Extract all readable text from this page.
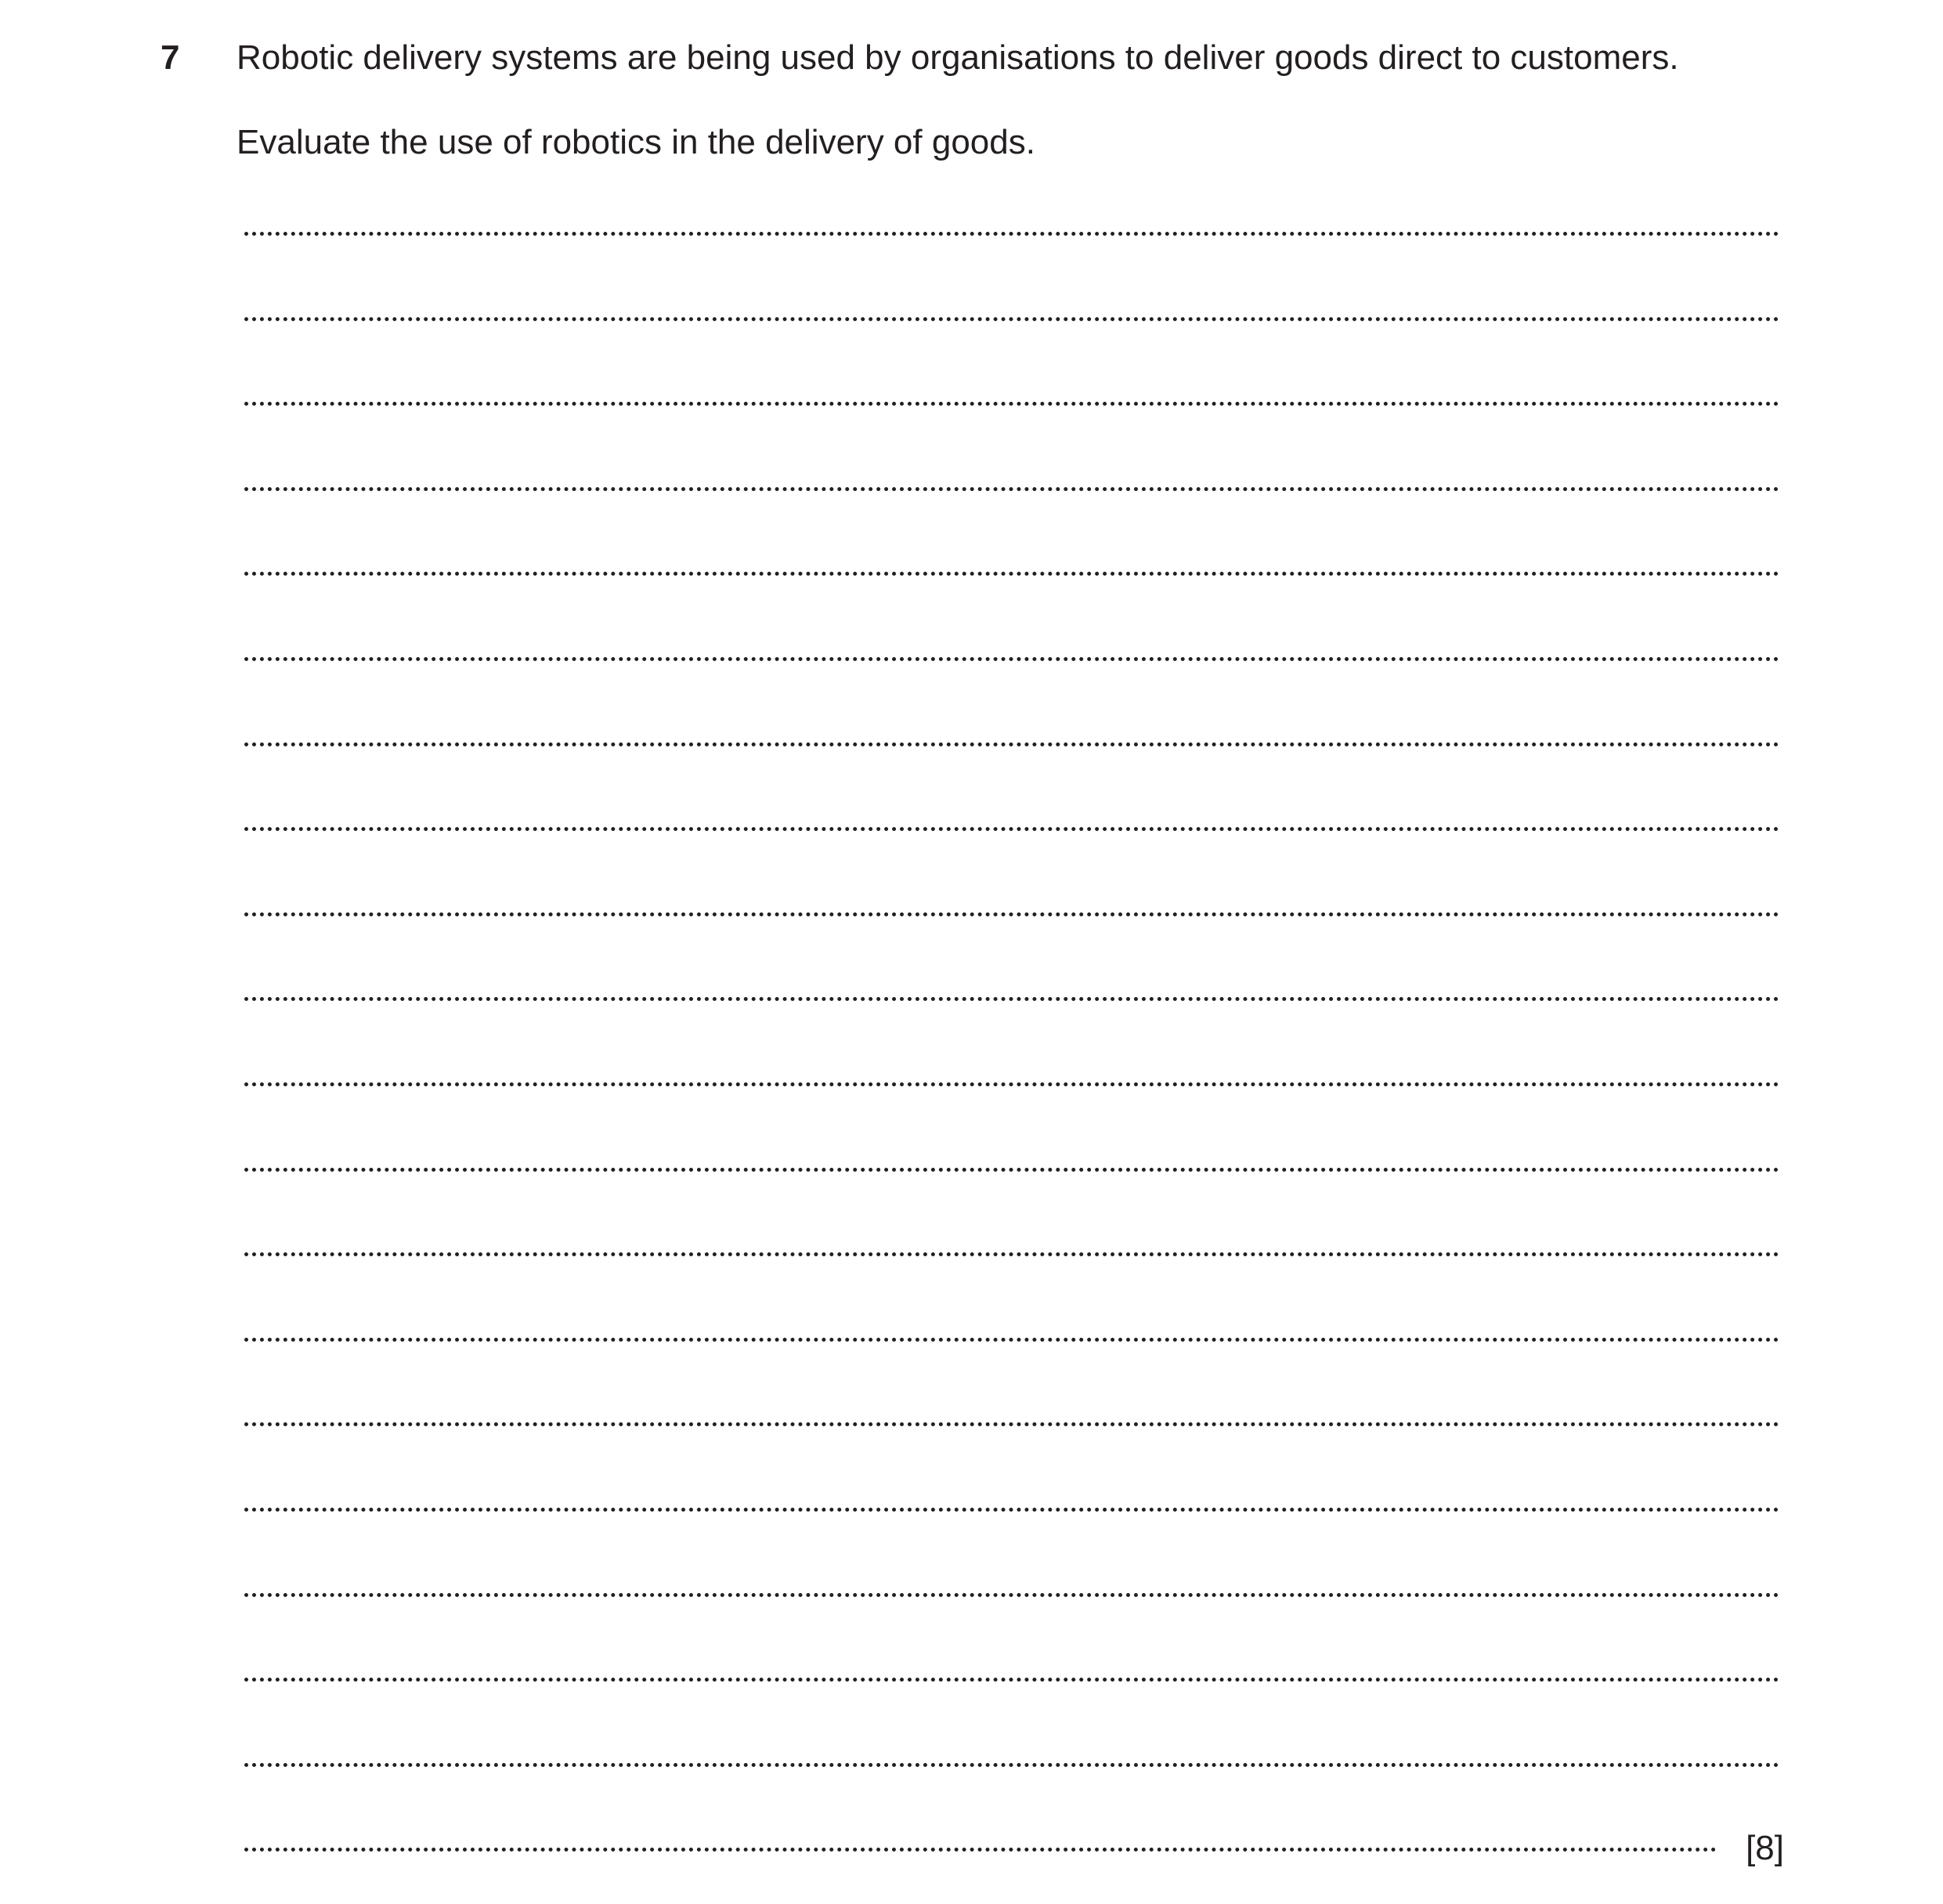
7 Robotic delivery systems are being used by organisations to deliver goods direct to customers.
Evaluate the use of robotics in the delivery of goods.
[8]
